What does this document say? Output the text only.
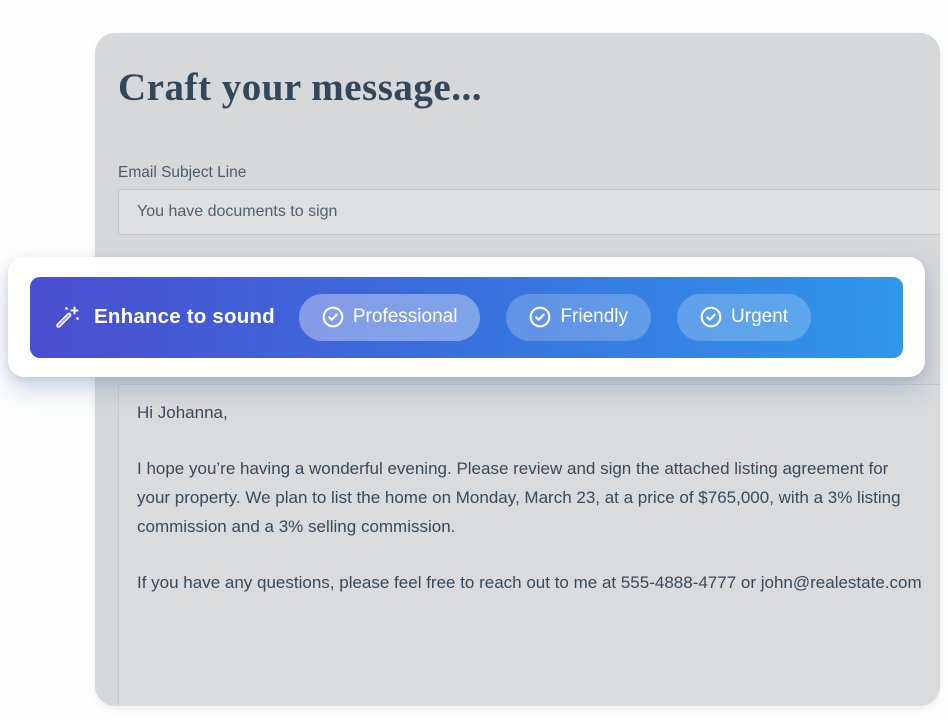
Craft your message...
Email Subject Line
You have documents to sign

Hi Johanna,

I hope you’re having a wonderful evening. Please review and sign the attached listing agreement for your property. We plan to list the home on Monday, March 23, at a price of $765,000, with a 3% listing commission and a 3% selling commission.

If you have any questions, please feel free to reach out to me at 555-4888-4777 or john@realestate.com

Enhance to sound	Professional	Friendly	Urgent
